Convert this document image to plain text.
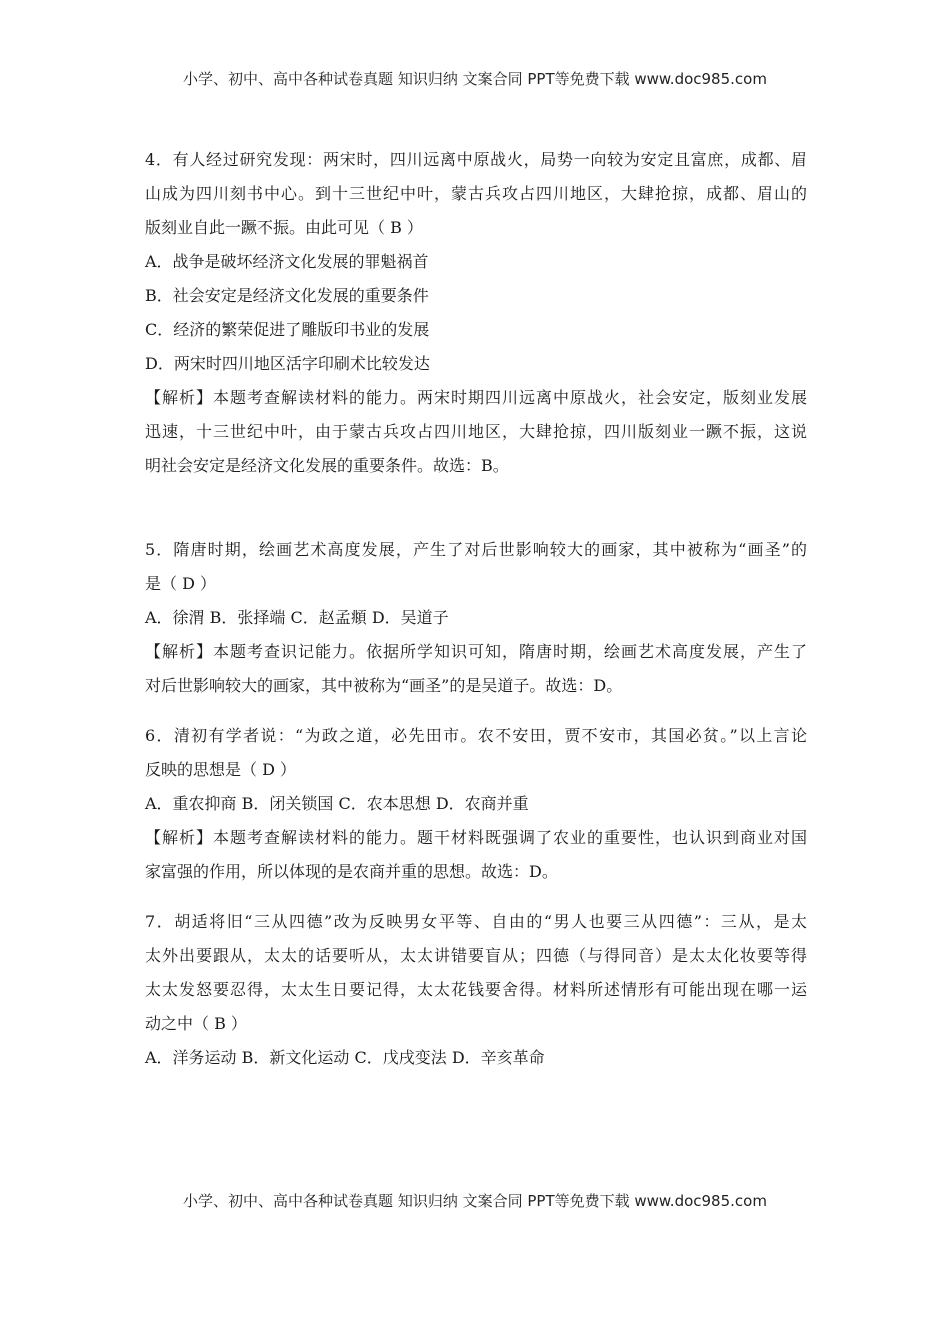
小学、初中、高中各种试卷真题 知识归纳 文案合同 PPT等免费下载 www.doc985.com
4．有人经过研究发现：两宋时，四川远离中原战火，局势一向较为安定且富庶，成都、眉
山成为四川刻书中心。到十三世纪中叶，蒙古兵攻占四川地区，大肆抢掠，成都、眉山的
版刻业自此一蹶不振。由此可见（ B ）
A．战争是破坏经济文化发展的罪魁祸首
B．社会安定是经济文化发展的重要条件
C．经济的繁荣促进了雕版印书业的发展
D．两宋时四川地区活字印刷术比较发达
【解析】本题考查解读材料的能力。两宋时期四川远离中原战火，社会安定，版刻业发展
迅速，十三世纪中叶，由于蒙古兵攻占四川地区，大肆抢掠，四川版刻业一蹶不振，这说
明社会安定是经济文化发展的重要条件。故选：B。
5．隋唐时期，绘画艺术高度发展，产生了对后世影响较大的画家，其中被称为“画圣”的
是（ D ）
A．徐渭 B．张择端 C．赵孟頫 D．吴道子
【解析】本题考查识记能力。依据所学知识可知，隋唐时期，绘画艺术高度发展，产生了
对后世影响较大的画家，其中被称为“画圣”的是吴道子。故选：D。
6．清初有学者说：“为政之道，必先田市。农不安田，贾不安市，其国必贫。”以上言论
反映的思想是（ D ）
A．重农抑商 B．闭关锁国 C．农本思想 D．农商并重
【解析】本题考查解读材料的能力。题干材料既强调了农业的重要性，也认识到商业对国
家富强的作用，所以体现的是农商并重的思想。故选：D。
7．胡适将旧“三从四德”改为反映男女平等、自由的“男人也要三从四德”：三从，是太
太外出要跟从，太太的话要听从，太太讲错要盲从；四德（与得同音）是太太化妆要等得
太太发怒要忍得，太太生日要记得，太太花钱要舍得。材料所述情形有可能出现在哪一运
动之中（ B ）
A．洋务运动 B．新文化运动 C．戊戌变法 D．辛亥革命
小学、初中、高中各种试卷真题 知识归纳 文案合同 PPT等免费下载 www.doc985.com
